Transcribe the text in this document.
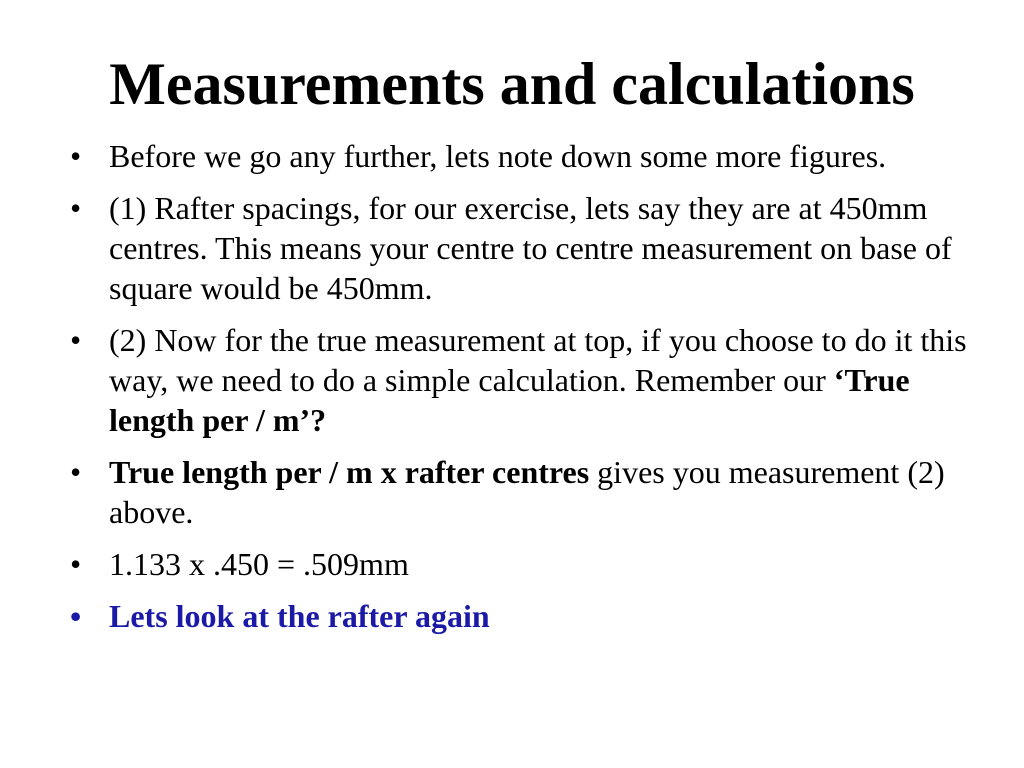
Measurements and calculations
• Before we go any further, lets note down some more figures.
• (1) Rafter spacings, for our exercise, lets say they are at 450mm centres. This means your centre to centre measurement on base of square would be 450mm.
• (2) Now for the true measurement at top, if you choose to do it this way, we need to do a simple calculation. Remember our ‘True length per / m’?
• True length per / m x rafter centres gives you measurement (2) above.
• 1.133 x .450 = .509mm
• Lets look at the rafter again
